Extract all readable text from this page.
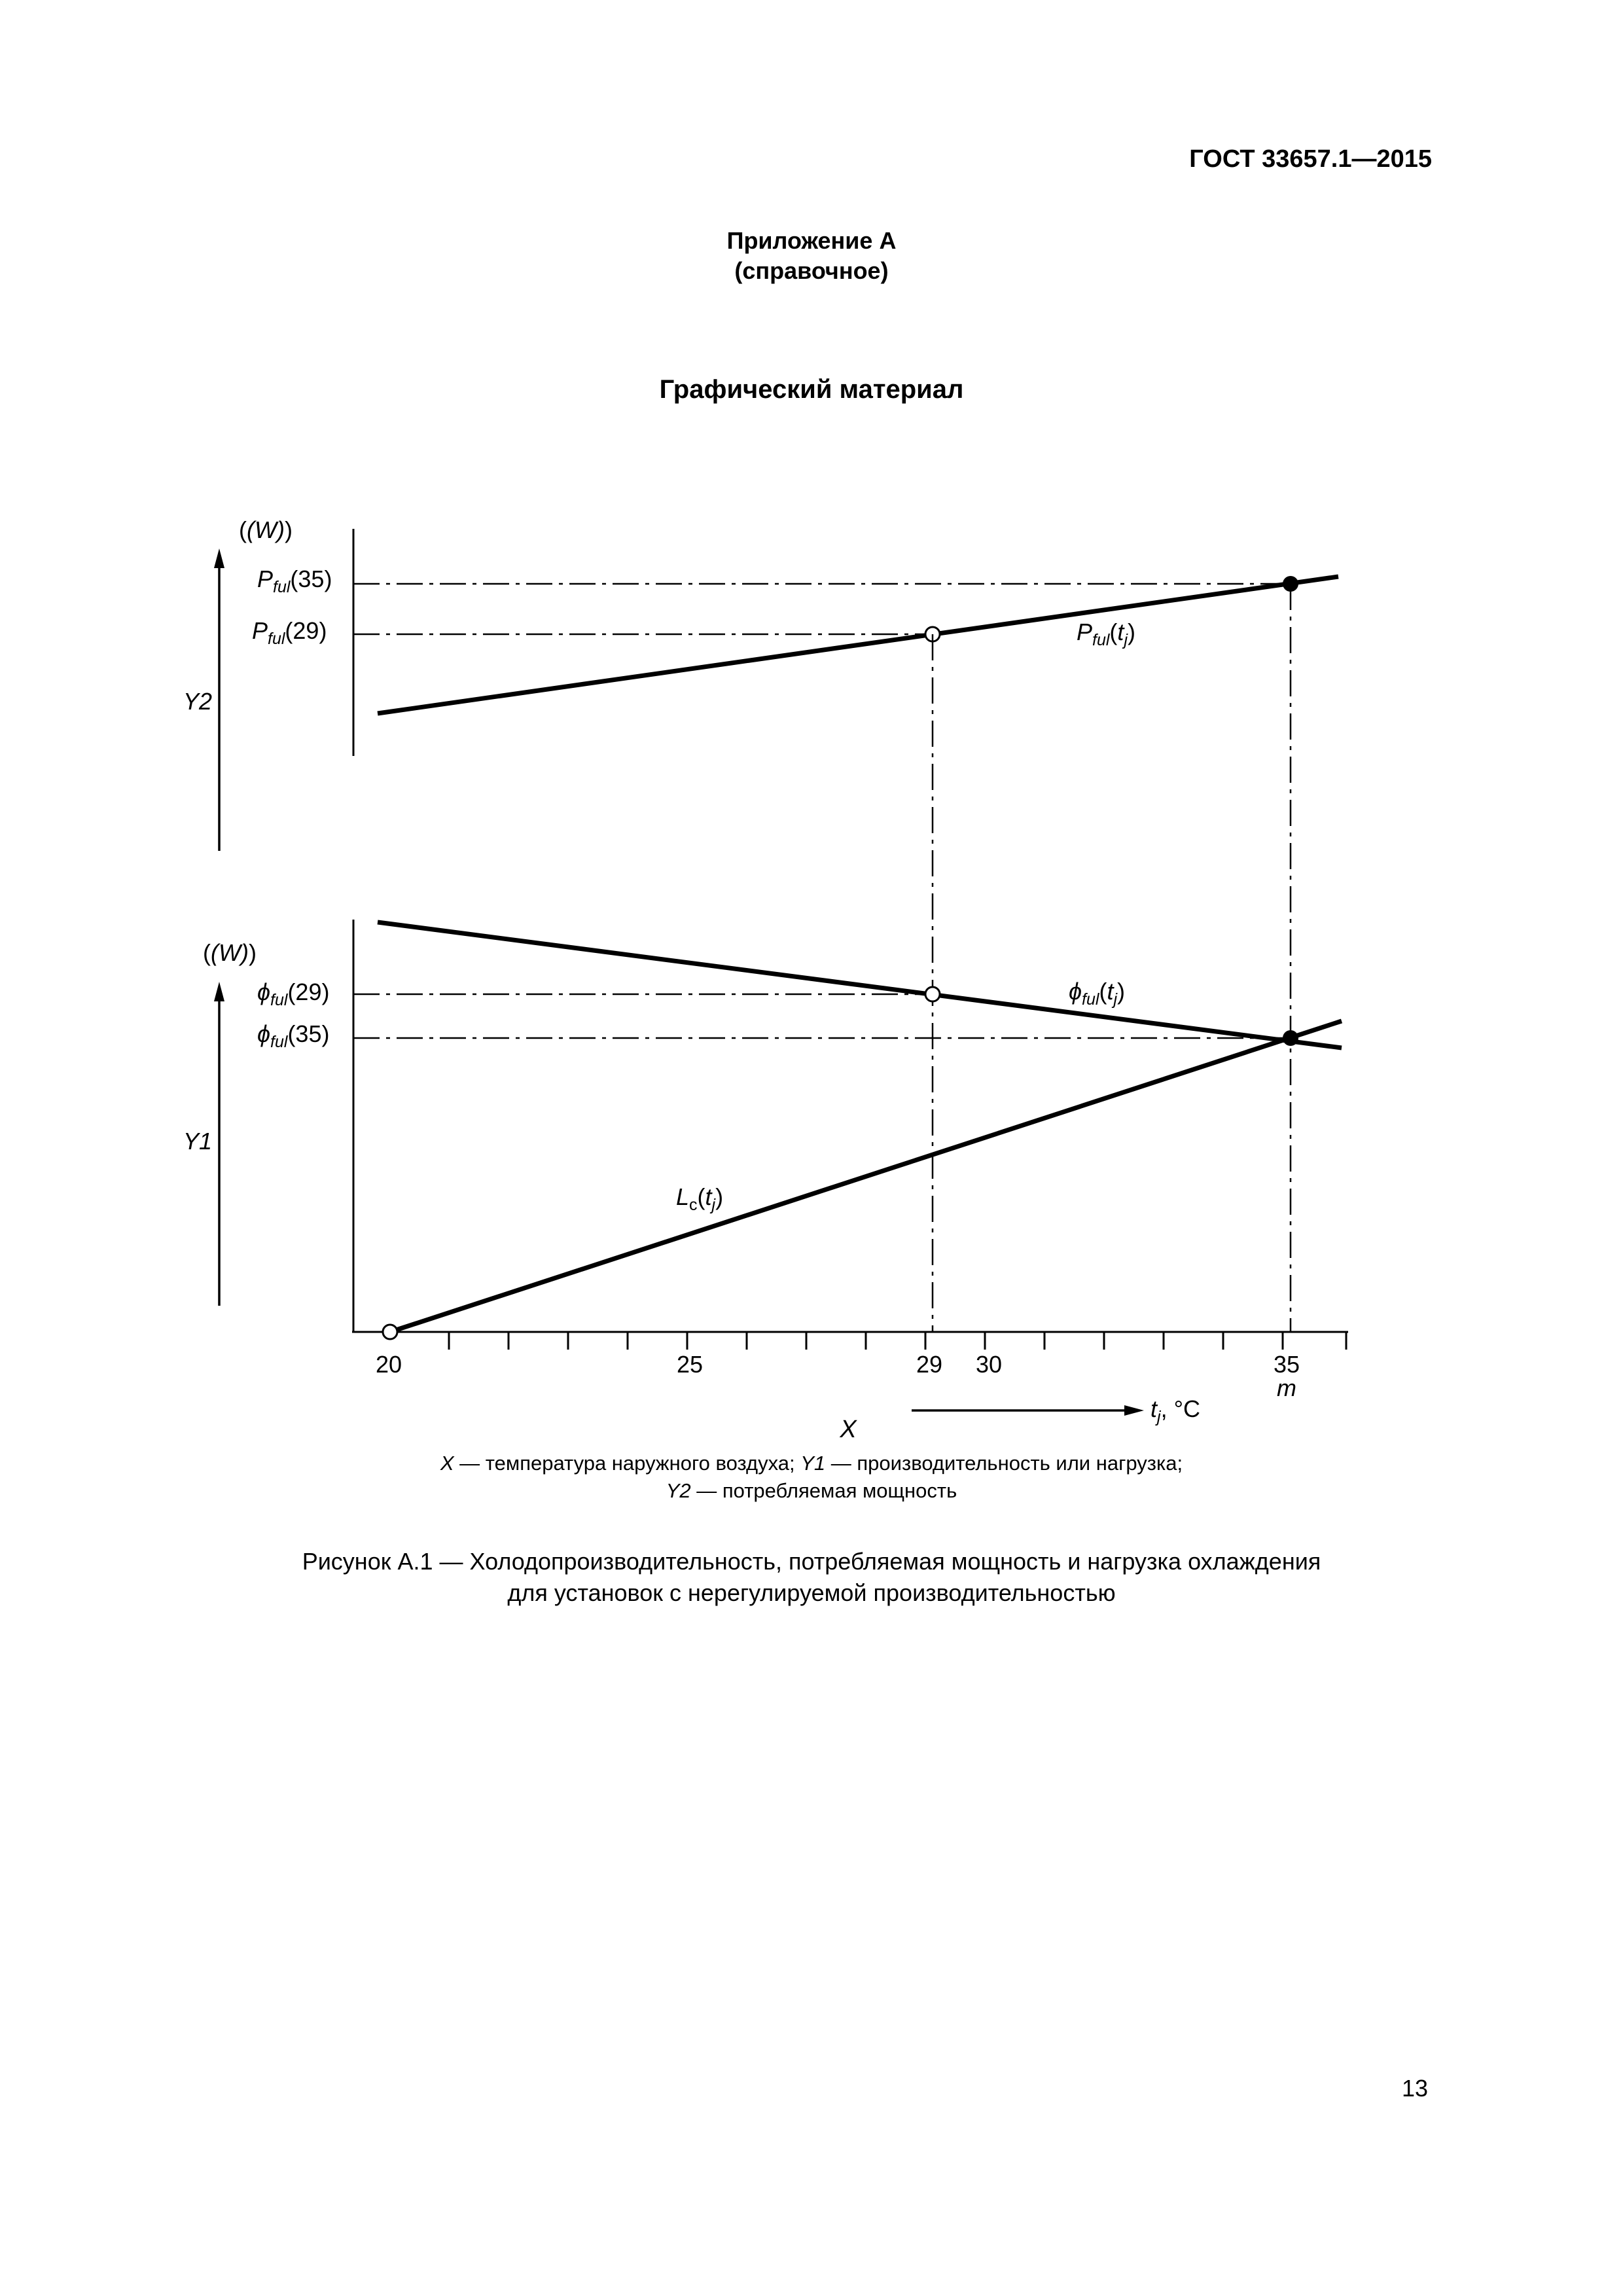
ГОСТ 33657.1—2015
Приложение А
(справочное)
Графический материал
((W))
Y2
$P_{ful}(35)$
$P_{ful}(29)$	$P_{ful}(t_j)$
((W))
Y1
$\phi_{ful}(29)$
$\phi_{ful}(35)$
$\phi_{ful}(t_j)$
$L_c(t_j)$
20	25	29 30	35
m
X
$t_j$, °C
X — температура наружного воздуха; Y1 — производительность или нагрузка;
Y2 — потребляемая мощность
Рисунок А.1 — Холодопроизводительность, потребляемая мощность и нагрузка охлаждения
для установок с нерегулируемой производительностью
13
